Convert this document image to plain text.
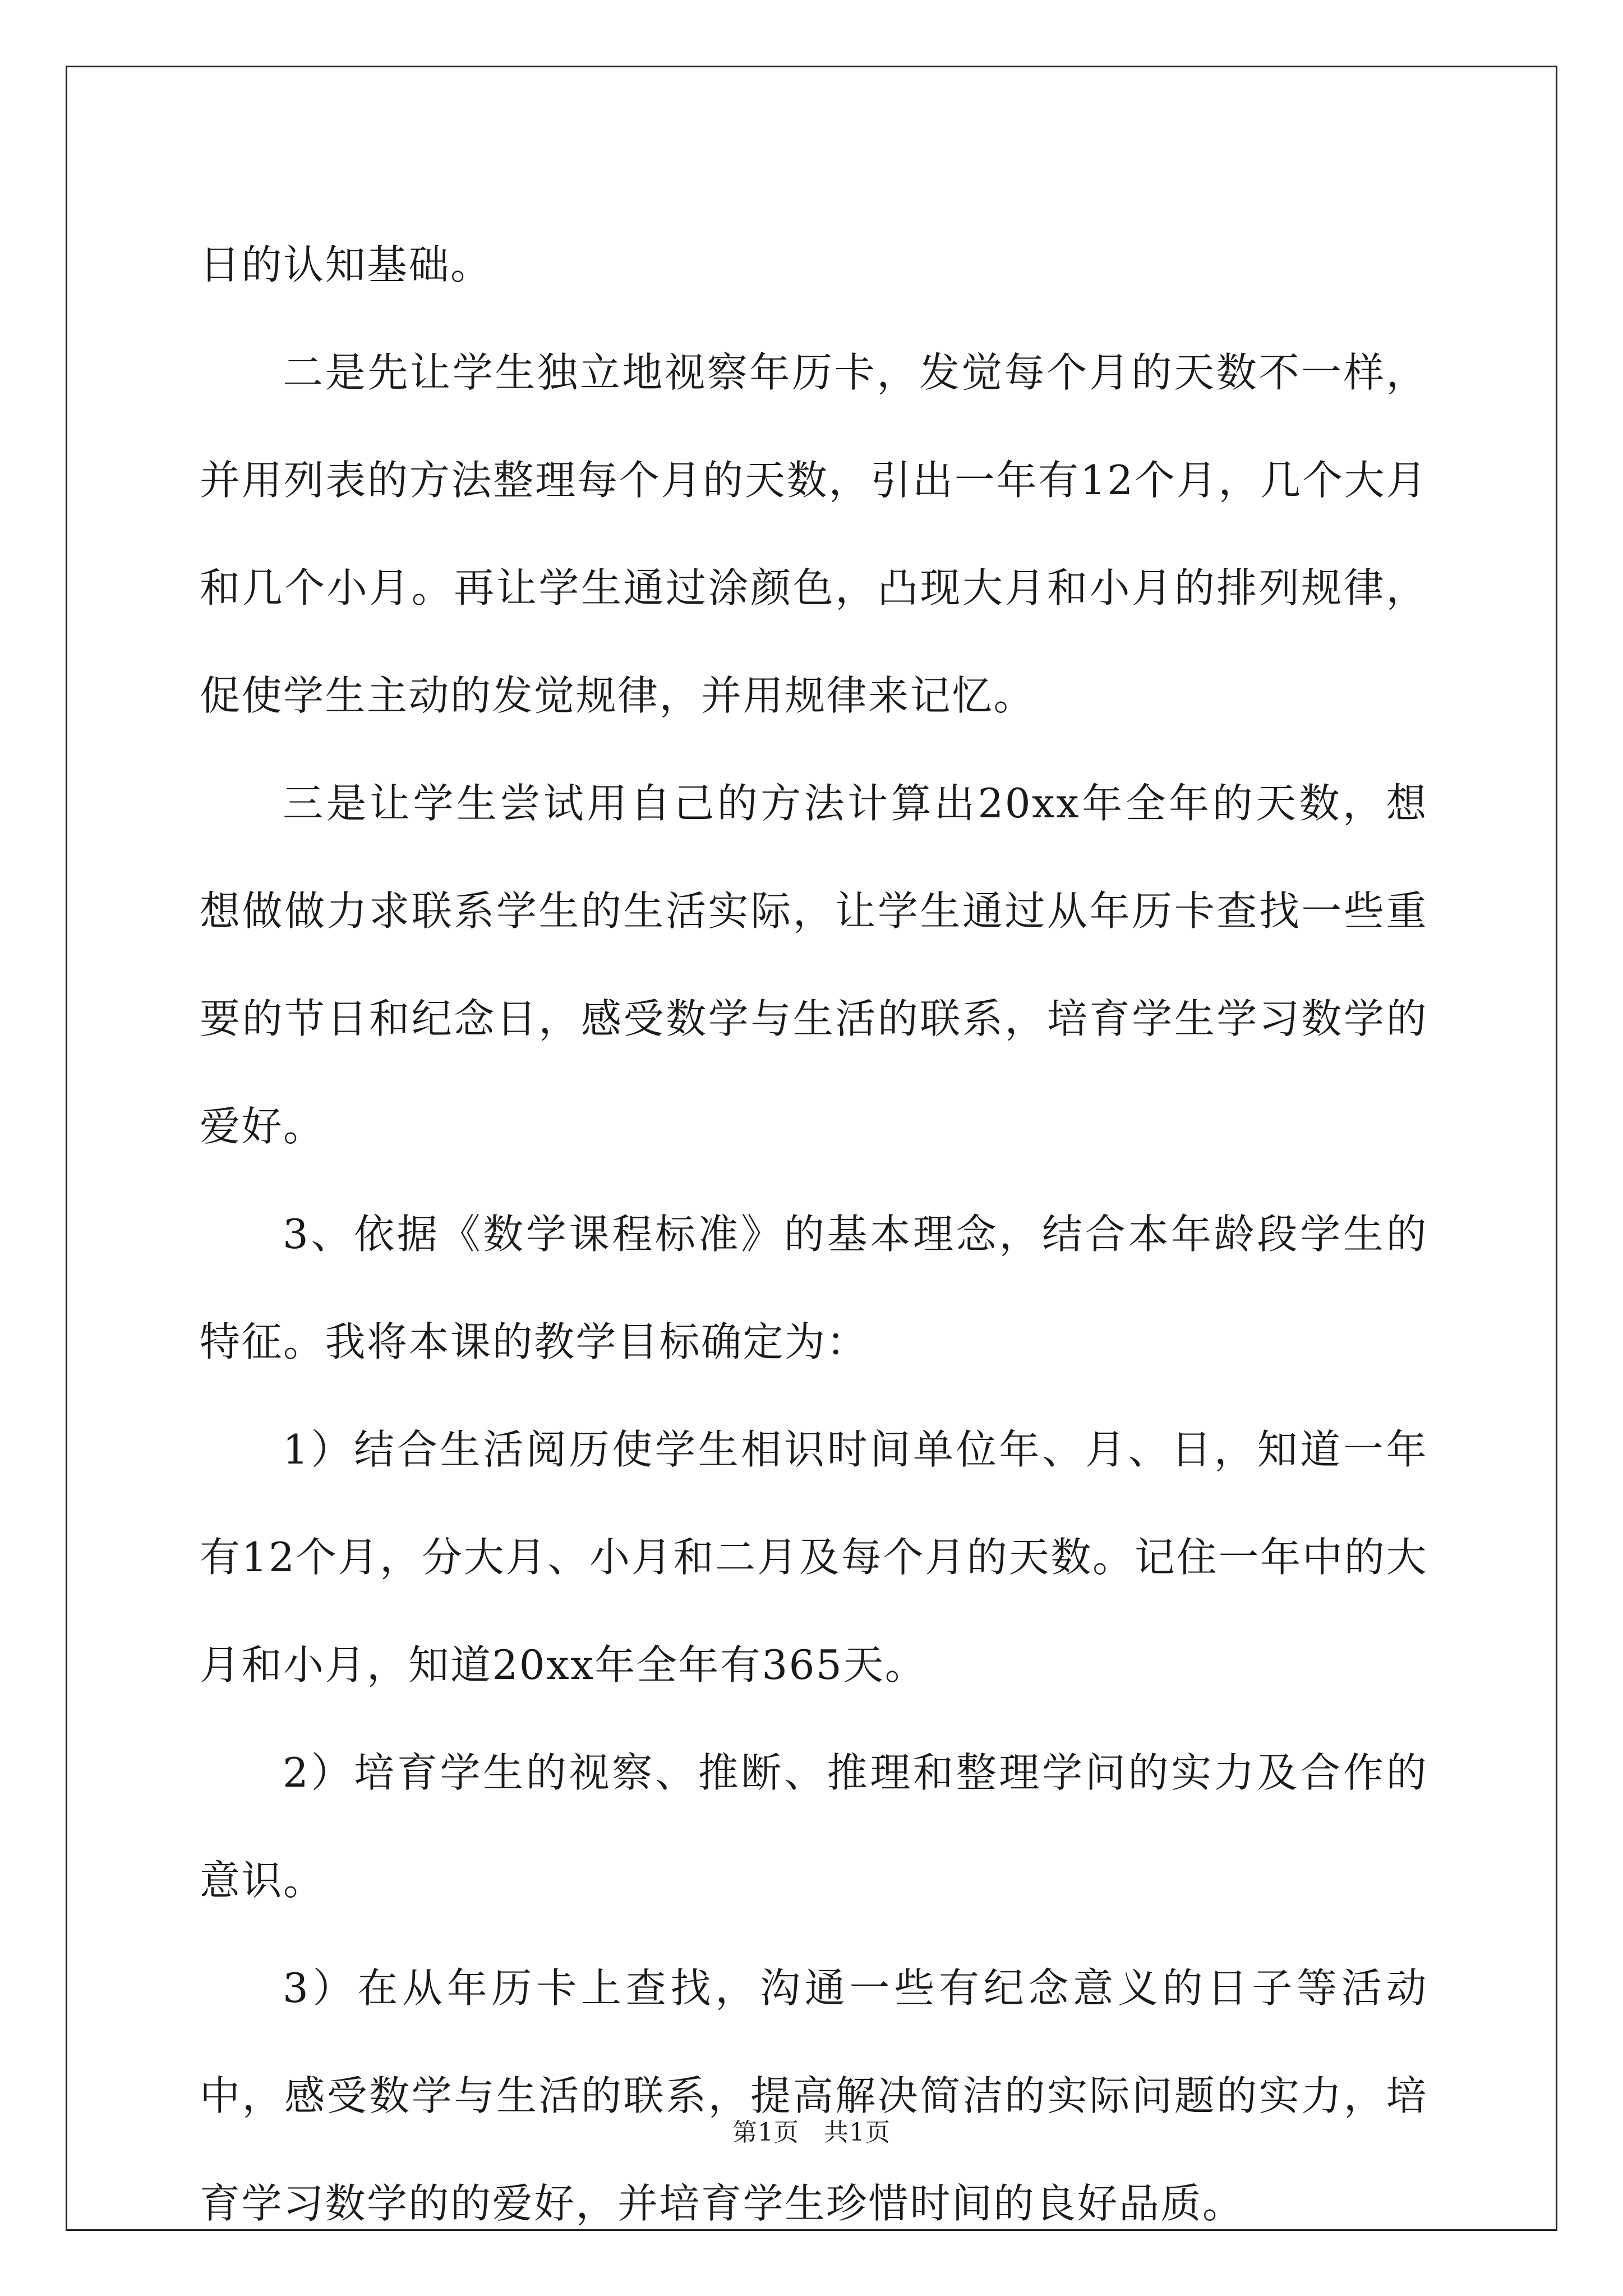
日的认知基础。

二是先让学生独立地视察年历卡，发觉每个月的天数不一样，并用列表的方法整理每个月的天数，引出一年有12个月，几个大月和几个小月。再让学生通过涂颜色，凸现大月和小月的排列规律，促使学生主动的发觉规律，并用规律来记忆。

三是让学生尝试用自己的方法计算出20xx年全年的天数，想想做做力求联系学生的生活实际，让学生通过从年历卡查找一些重要的节日和纪念日，感受数学与生活的联系，培育学生学习数学的爱好。

3、依据《数学课程标准》的基本理念，结合本年龄段学生的特征。我将本课的教学目标确定为：

1）结合生活阅历使学生相识时间单位年、月、日，知道一年有12个月，分大月、小月和二月及每个月的天数。记住一年中的大月和小月，知道20xx年全年有365天。

2）培育学生的视察、推断、推理和整理学问的实力及合作的意识。

3）在从年历卡上查找，沟通一些有纪念意义的日子等活动中，感受数学与生活的联系，提高解决简洁的实际问题的实力，培育学习数学的的爱好，并培育学生珍惜时间的良好品质。

第1页 共1页
